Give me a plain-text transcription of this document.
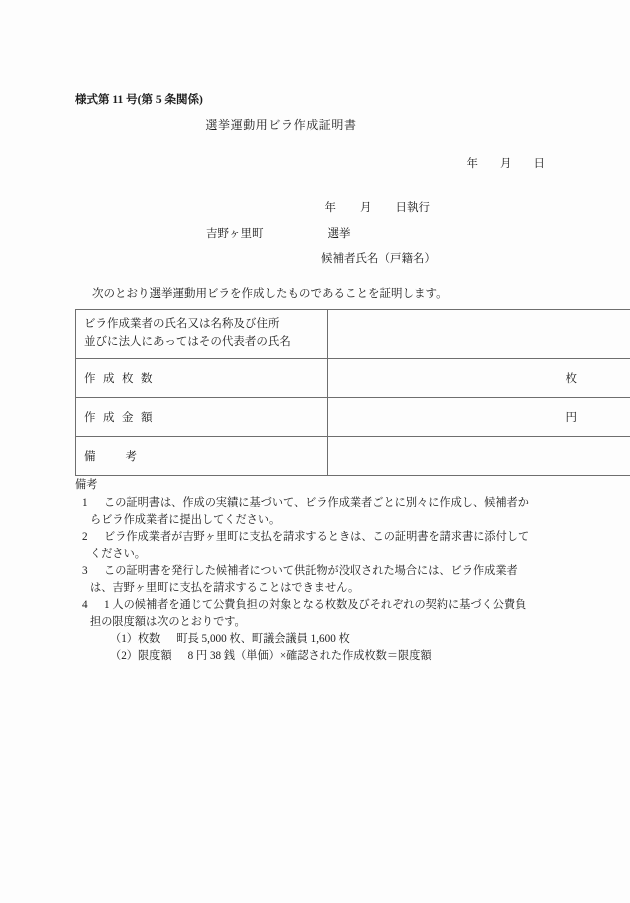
様式第 11 号(第 5 条関係)
選挙運動用ビラ作成証明書
年 月 日
年 月 日執行
吉野ヶ里町	選挙
候補者氏名（戸籍名）
次のとおり選挙運動用ビラを作成したものであることを証明します。
ビラ作成業者の氏名又は名称及び住所
並びに法人にあってはその代表者の氏名	

作成枚数	枚
作成金額	円
備考	
備考
1 この証明書は、作成の実績に基づいて、ビラ作成業者ごとに別々に作成し、候補者か
らビラ作成業者に提出してください。
2 ビラ作成業者が吉野ヶ里町に支払を請求するときは、この証明書を請求書に添付して
ください。
3 この証明書を発行した候補者について供託物が没収された場合には、ビラ作成業者
は、吉野ヶ里町に支払を請求することはできません。
4 1 人の候補者を通じて公費負担の対象となる枚数及びそれぞれの契約に基づく公費負
担の限度額は次のとおりです。
（1）枚数 町長 5,000 枚、町議会議員 1,600 枚
（2）限度額 8 円 38 銭（単価）×確認された作成枚数＝限度額
